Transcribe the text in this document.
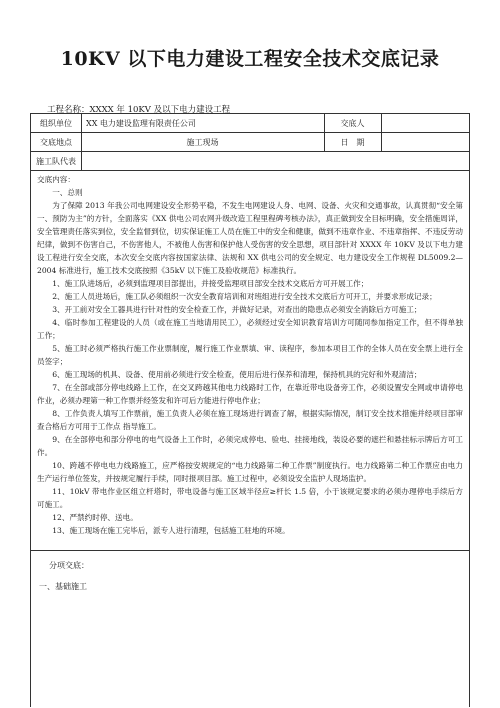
10KV 以下电力建设工程安全技术交底记录
工程名称：XXXX 年 10KV 及以下电力建设工程
组织单位	XX 电力建设监理有限责任公司	交底人
交底地点	施工现场	日　期
施工队代表

交底内容：

一、总则

为了保障 2013 年我公司电网建设安全形势平稳，不发生电网建设人身、电网、设备、火灾和交通事故，认真贯彻“安全第一、预防为主”的方针，全面落实《XX 供电公司农网升级改造工程里程碑考核办法》，真正做到安全目标明确，安全措施周详，安全管理责任落实到位，安全监督到位，切实保证施工人员在施工中的安全和健康，做到不违章作业、不违章指挥、不违反劳动纪律，做到不伤害自己，不伤害他人，不被他人伤害和保护他人受伤害的安全思想，项目部针对 XXXX 年 10KV 及以下电力建设工程进行安全交底，本次安全交底内容按国家法律、法规和 XX 供电公司的安全规定、电力建设安全工作规程 DL5009.2—2004 标准进行，施工技术交底按照《35kV 以下施工及验收规范》标准执行。

1、施工队进场后，必须到监理项目部提出，并接受监理项目部安全技术交底后方可开展工作；

2、施工人员进场后，施工队必须组织一次安全教育培训和对班组进行安全技术交底后方可开工，并要求形成记录；

3、开工前对安全工器具进行针对性的安全检查工作，并做好记录，对查出的隐患点必须安全消除后方可施工；

4、临时参加工程建设的人员（或在施工当地请用民工），必须经过安全知识教育培训方可随同参加指定工作，但不得单独工作；

5、施工时必须严格执行施工作业票制度，履行施工作业票填、审、读程序，参加本项目工作的全体人员在安全票上进行全员签字；

6、施工现场的机具、设备、使用前必须进行安全检查，使用后进行保养和清理，保持机具的完好和外观清洁；

7、在全部或部分停电线路上工作，在交叉跨越其他电力线路时工作，在靠近带电设备旁工作，必须设置安全网或申请停电作业，必须办理第一种工作票并经签发和许可后方能进行停电作业；

8、工作负责人填写工作票前，施工负责人必须在施工现场进行调查了解，根据实际情况，制订安全技术措施并经项目部审查合格后方可用于工作点 指导施工。

9、在全部停电和部分停电的电气设备上工作时，必须完成停电、验电、挂接地线，装设必要的遮拦和悬挂标示牌后方可工作。

10、跨越不停电电力线路施工，应严格按安规规定的“电力线路第二种工作票”制度执行。电力线路第二种工作票应由电力生产运行单位签发，并按规定履行手续，同时报项目部。施工过程中，必须设安全监护人现场监护。

11、10kV 带电作业区组立杆塔时，带电设备与施工区域半径应≥杆长 1.5 倍，小于该规定要求的必须办理停电手续后方可施工。

12、严禁约时停、送电。

13、施工现场在施工完毕后，派专人进行清理，包括施工驻地的环境。

分项交底：
一、基础施工
